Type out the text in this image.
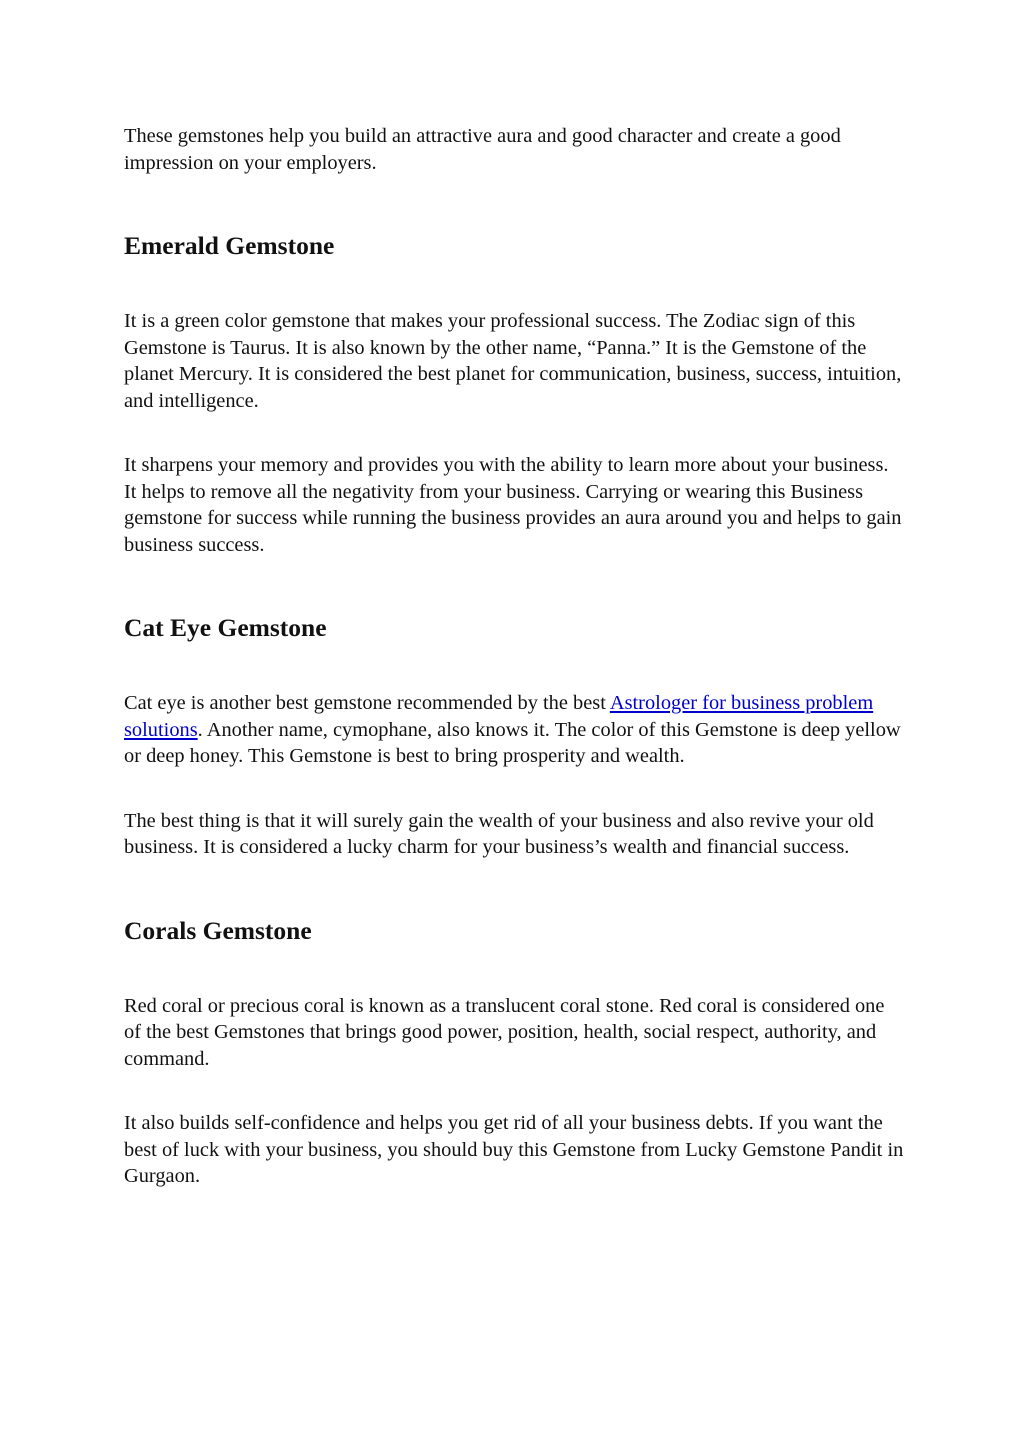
These gemstones help you build an attractive aura and good character and create a good impression on your employers.

Emerald Gemstone

It is a green color gemstone that makes your professional success. The Zodiac sign of this Gemstone is Taurus. It is also known by the other name, “Panna.” It is the Gemstone of the planet Mercury. It is considered the best planet for communication, business, success, intuition, and intelligence.

It sharpens your memory and provides you with the ability to learn more about your business. It helps to remove all the negativity from your business. Carrying or wearing this Business gemstone for success while running the business provides an aura around you and helps to gain business success.

Cat Eye Gemstone

Cat eye is another best gemstone recommended by the best Astrologer for business problem solutions. Another name, cymophane, also knows it. The color of this Gemstone is deep yellow or deep honey. This Gemstone is best to bring prosperity and wealth.

The best thing is that it will surely gain the wealth of your business and also revive your old business. It is considered a lucky charm for your business’s wealth and financial success.

Corals Gemstone

Red coral or precious coral is known as a translucent coral stone. Red coral is considered one of the best Gemstones that brings good power, position, health, social respect, authority, and command.

It also builds self-confidence and helps you get rid of all your business debts. If you want the best of luck with your business, you should buy this Gemstone from Lucky Gemstone Pandit in Gurgaon.
